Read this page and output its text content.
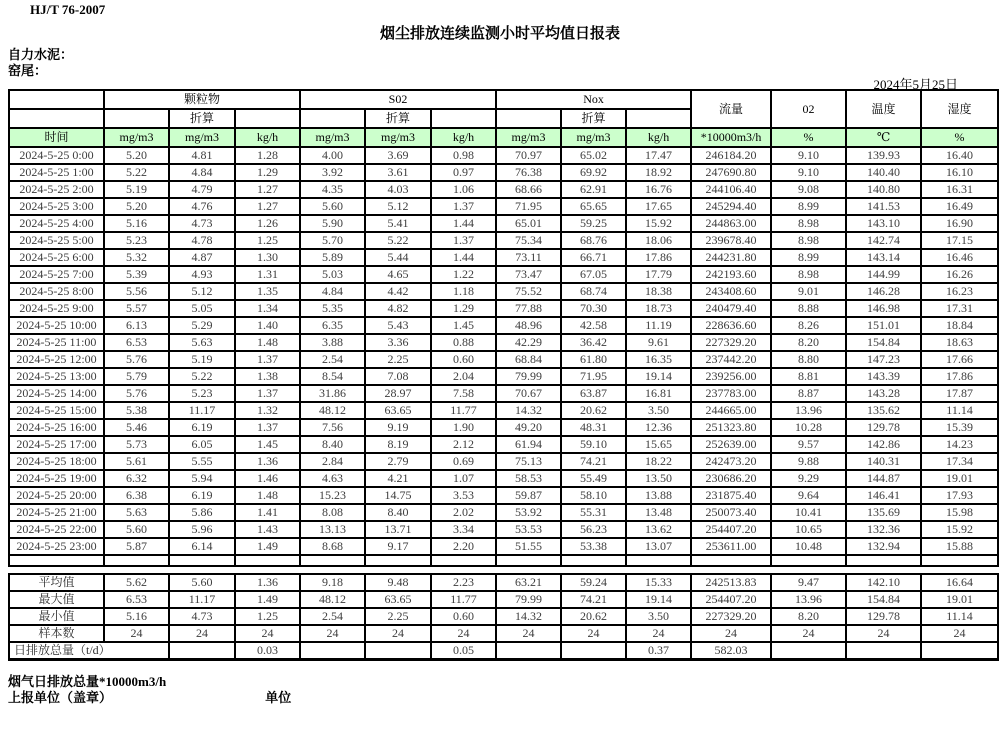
HJ/T 76-2007
烟尘排放连续监测小时平均值日报表
自力水泥：
窑尾：
2024年5月25日
	颗粒物			S02			Nox			流量	02	温度	湿度
		折算			折算			折算					
时间	mg/m3	mg/m3	kg/h	mg/m3	mg/m3	kg/h	mg/m3	mg/m3	kg/h	*10000m3/h	%	℃	%
2024-5-25 0:00	5.20	4.81	1.28	4.00	3.69	0.98	70.97	65.02	17.47	246184.20	9.10	139.93	16.40
2024-5-25 1:00	5.22	4.84	1.29	3.92	3.61	0.97	76.38	69.92	18.92	247690.80	9.10	140.40	16.10
2024-5-25 2:00	5.19	4.79	1.27	4.35	4.03	1.06	68.66	62.91	16.76	244106.40	9.08	140.80	16.31
2024-5-25 3:00	5.20	4.76	1.27	5.60	5.12	1.37	71.95	65.65	17.65	245294.40	8.99	141.53	16.49
2024-5-25 4:00	5.16	4.73	1.26	5.90	5.41	1.44	65.01	59.25	15.92	244863.00	8.98	143.10	16.90
2024-5-25 5:00	5.23	4.78	1.25	5.70	5.22	1.37	75.34	68.76	18.06	239678.40	8.98	142.74	17.15
2024-5-25 6:00	5.32	4.87	1.30	5.89	5.44	1.44	73.11	66.71	17.86	244231.80	8.99	143.14	16.46
2024-5-25 7:00	5.39	4.93	1.31	5.03	4.65	1.22	73.47	67.05	17.79	242193.60	8.98	144.99	16.26
2024-5-25 8:00	5.56	5.12	1.35	4.84	4.42	1.18	75.52	68.74	18.38	243408.60	9.01	146.28	16.23
2024-5-25 9:00	5.57	5.05	1.34	5.35	4.82	1.29	77.88	70.30	18.73	240479.40	8.88	146.98	17.31
2024-5-25 10:00	6.13	5.29	1.40	6.35	5.43	1.45	48.96	42.58	11.19	228636.60	8.26	151.01	18.84
2024-5-25 11:00	6.53	5.63	1.48	3.88	3.36	0.88	42.29	36.42	9.61	227329.20	8.20	154.84	18.63
2024-5-25 12:00	5.76	5.19	1.37	2.54	2.25	0.60	68.84	61.80	16.35	237442.20	8.80	147.23	17.66
2024-5-25 13:00	5.79	5.22	1.38	8.54	7.08	2.04	79.99	71.95	19.14	239256.00	8.81	143.39	17.86
2024-5-25 14:00	5.76	5.23	1.37	31.86	28.97	7.58	70.67	63.87	16.81	237783.00	8.87	143.28	17.87
2024-5-25 15:00	5.38	11.17	1.32	48.12	63.65	11.77	14.32	20.62	3.50	244665.00	13.96	135.62	11.14
2024-5-25 16:00	5.46	6.19	1.37	7.56	9.19	1.90	49.20	48.31	12.36	251323.80	10.28	129.78	15.39
2024-5-25 17:00	5.73	6.05	1.45	8.40	8.19	2.12	61.94	59.10	15.65	252639.00	9.57	142.86	14.23
2024-5-25 18:00	5.61	5.55	1.36	2.84	2.79	0.69	75.13	74.21	18.22	242473.20	9.88	140.31	17.34
2024-5-25 19:00	6.32	5.94	1.46	4.63	4.21	1.07	58.53	55.49	13.50	230686.20	9.29	144.87	19.01
2024-5-25 20:00	6.38	6.19	1.48	15.23	14.75	3.53	59.87	58.10	13.88	231875.40	9.64	146.41	17.93
2024-5-25 21:00	5.63	5.86	1.41	8.08	8.40	2.02	53.92	55.31	13.48	250073.40	10.41	135.69	15.98
2024-5-25 22:00	5.60	5.96	1.43	13.13	13.71	3.34	53.53	56.23	13.62	254407.20	10.65	132.36	15.92
2024-5-25 23:00	5.87	6.14	1.49	8.68	9.17	2.20	51.55	53.38	13.07	253611.00	10.48	132.94	15.88

平均值	5.62	5.60	1.36	9.18	9.48	2.23	63.21	59.24	15.33	242513.83	9.47	142.10	16.64
最大值	6.53	11.17	1.49	48.12	63.65	11.77	79.99	74.21	19.14	254407.20	13.96	154.84	19.01
最小值	5.16	4.73	1.25	2.54	2.25	0.60	14.32	20.62	3.50	227329.20	8.20	129.78	11.14
样本数	24	24	24	24	24	24	24	24	24	24	24	24	24
日排放总量（t/d）			0.03			0.05			0.37	582.03			
烟气日排放总量*10000m3/h
上报单位（盖章）	单位
